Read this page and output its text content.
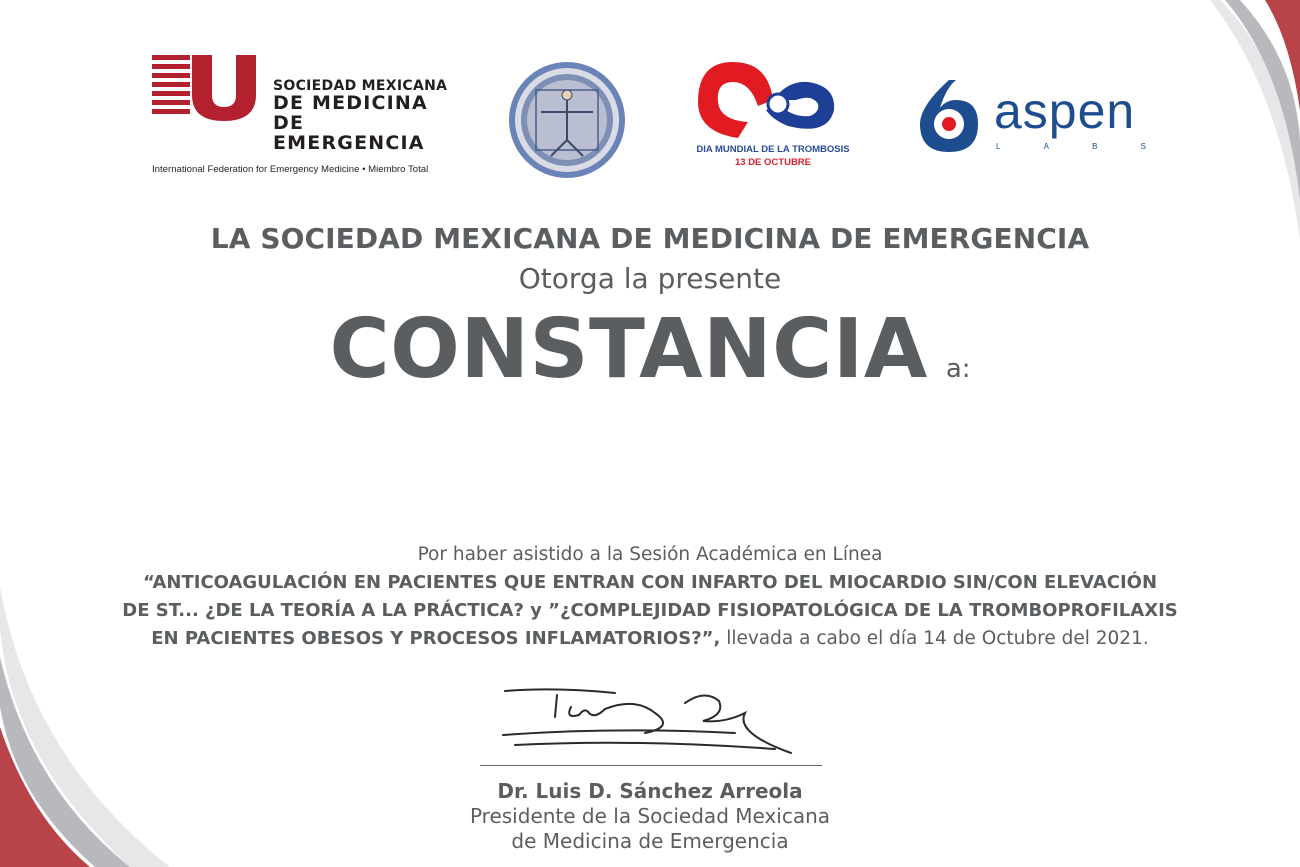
SOCIEDAD MEXICANA
DE MEDICINA
DE EMERGENCIA
International Federation for Emergency Medicine • Miembro Total
DIA MUNDIAL DE LA TROMBOSIS
13 DE OCTUBRE
aspen
L	A	B	S
LA SOCIEDAD MEXICANA DE MEDICINA DE EMERGENCIA
Otorga la presente
CONSTANCIA a:
Por haber asistido a la Sesión Académica en Línea
“ANTICOAGULACIÓN EN PACIENTES QUE ENTRAN CON INFARTO DEL MIOCARDIO SIN/CON ELEVACIÓN
DE ST... ¿DE LA TEORÍA A LA PRÁCTICA? y ”¿COMPLEJIDAD FISIOPATOLÓGICA DE LA TROMBOPROFILAXIS
EN PACIENTES OBESOS Y PROCESOS INFLAMATORIOS?”, llevada a cabo el día 14 de Octubre del 2021.
Dr. Luis D. Sánchez Arreola
Presidente de la Sociedad Mexicana
de Medicina de Emergencia
